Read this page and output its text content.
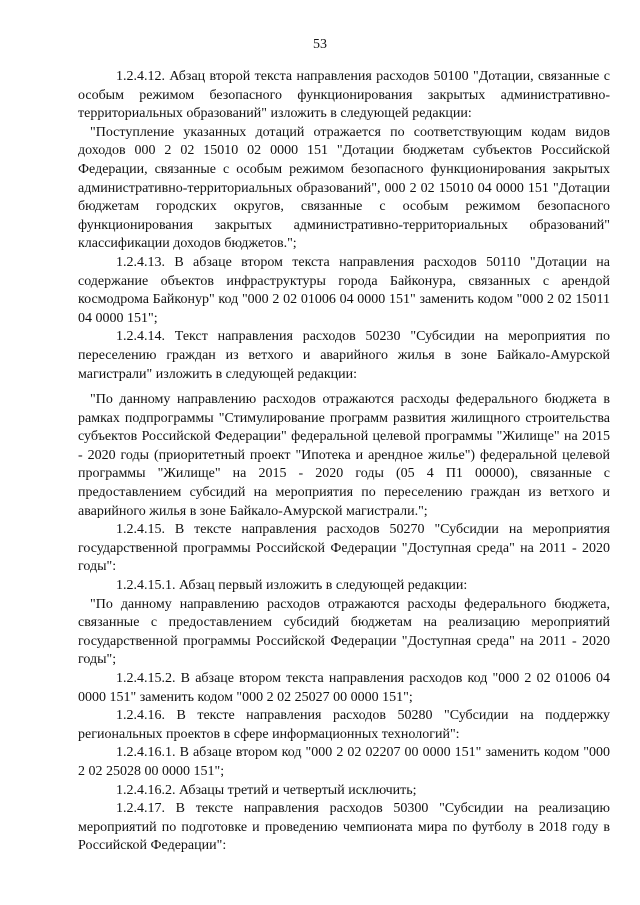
53

1.2.4.12. Абзац второй текста направления расходов 50100 "Дотации, связанные с особым режимом безопасного функционирования закрытых административно-территориальных образований" изложить в следующей редакции:

"Поступление указанных дотаций отражается по соответствующим кодам видов доходов 000 2 02 15010 02 0000 151 "Дотации бюджетам субъектов Российской Федерации, связанные с особым режимом безопасного функционирования закрытых административно-территориальных образований", 000 2 02 15010 04 0000 151 "Дотации бюджетам городских округов, связанные с особым режимом безопасного функционирования закрытых административно-территориальных образований" классификации доходов бюджетов.";

1.2.4.13. В абзаце втором текста направления расходов 50110 "Дотации на содержание объектов инфраструктуры города Байконура, связанных с арендой космодрома Байконур" код "000 2 02 01006 04 0000 151" заменить кодом "000 2 02 15011 04 0000 151";

1.2.4.14. Текст направления расходов 50230 "Субсидии на мероприятия по переселению граждан из ветхого и аварийного жилья в зоне Байкало-Амурской магистрали" изложить в следующей редакции:

"По данному направлению расходов отражаются расходы федерального бюджета в рамках подпрограммы "Стимулирование программ развития жилищного строительства субъектов Российской Федерации" федеральной целевой программы "Жилище" на 2015 - 2020 годы (приоритетный проект "Ипотека и арендное жилье") федеральной целевой программы "Жилище" на 2015 - 2020 годы (05 4 П1 00000), связанные с предоставлением субсидий на мероприятия по переселению граждан из ветхого и аварийного жилья в зоне Байкало-Амурской магистрали.";

1.2.4.15. В тексте направления расходов 50270 "Субсидии на мероприятия государственной программы Российской Федерации "Доступная среда" на 2011 - 2020 годы":

1.2.4.15.1. Абзац первый изложить в следующей редакции:

"По данному направлению расходов отражаются расходы федерального бюджета, связанные с предоставлением субсидий бюджетам на реализацию мероприятий государственной программы Российской Федерации "Доступная среда" на 2011 - 2020 годы";

1.2.4.15.2. В абзаце втором текста направления расходов код "000 2 02 01006 04 0000 151" заменить кодом "000 2 02 25027 00 0000 151";

1.2.4.16. В тексте направления расходов 50280 "Субсидии на поддержку региональных проектов в сфере информационных технологий":

1.2.4.16.1. В абзаце втором код "000 2 02 02207 00 0000 151" заменить кодом "000 2 02 25028 00 0000 151";

1.2.4.16.2. Абзацы третий и четвертый исключить;

1.2.4.17. В тексте направления расходов 50300 "Субсидии на реализацию мероприятий по подготовке и проведению чемпионата мира по футболу в 2018 году в Российской Федерации":
